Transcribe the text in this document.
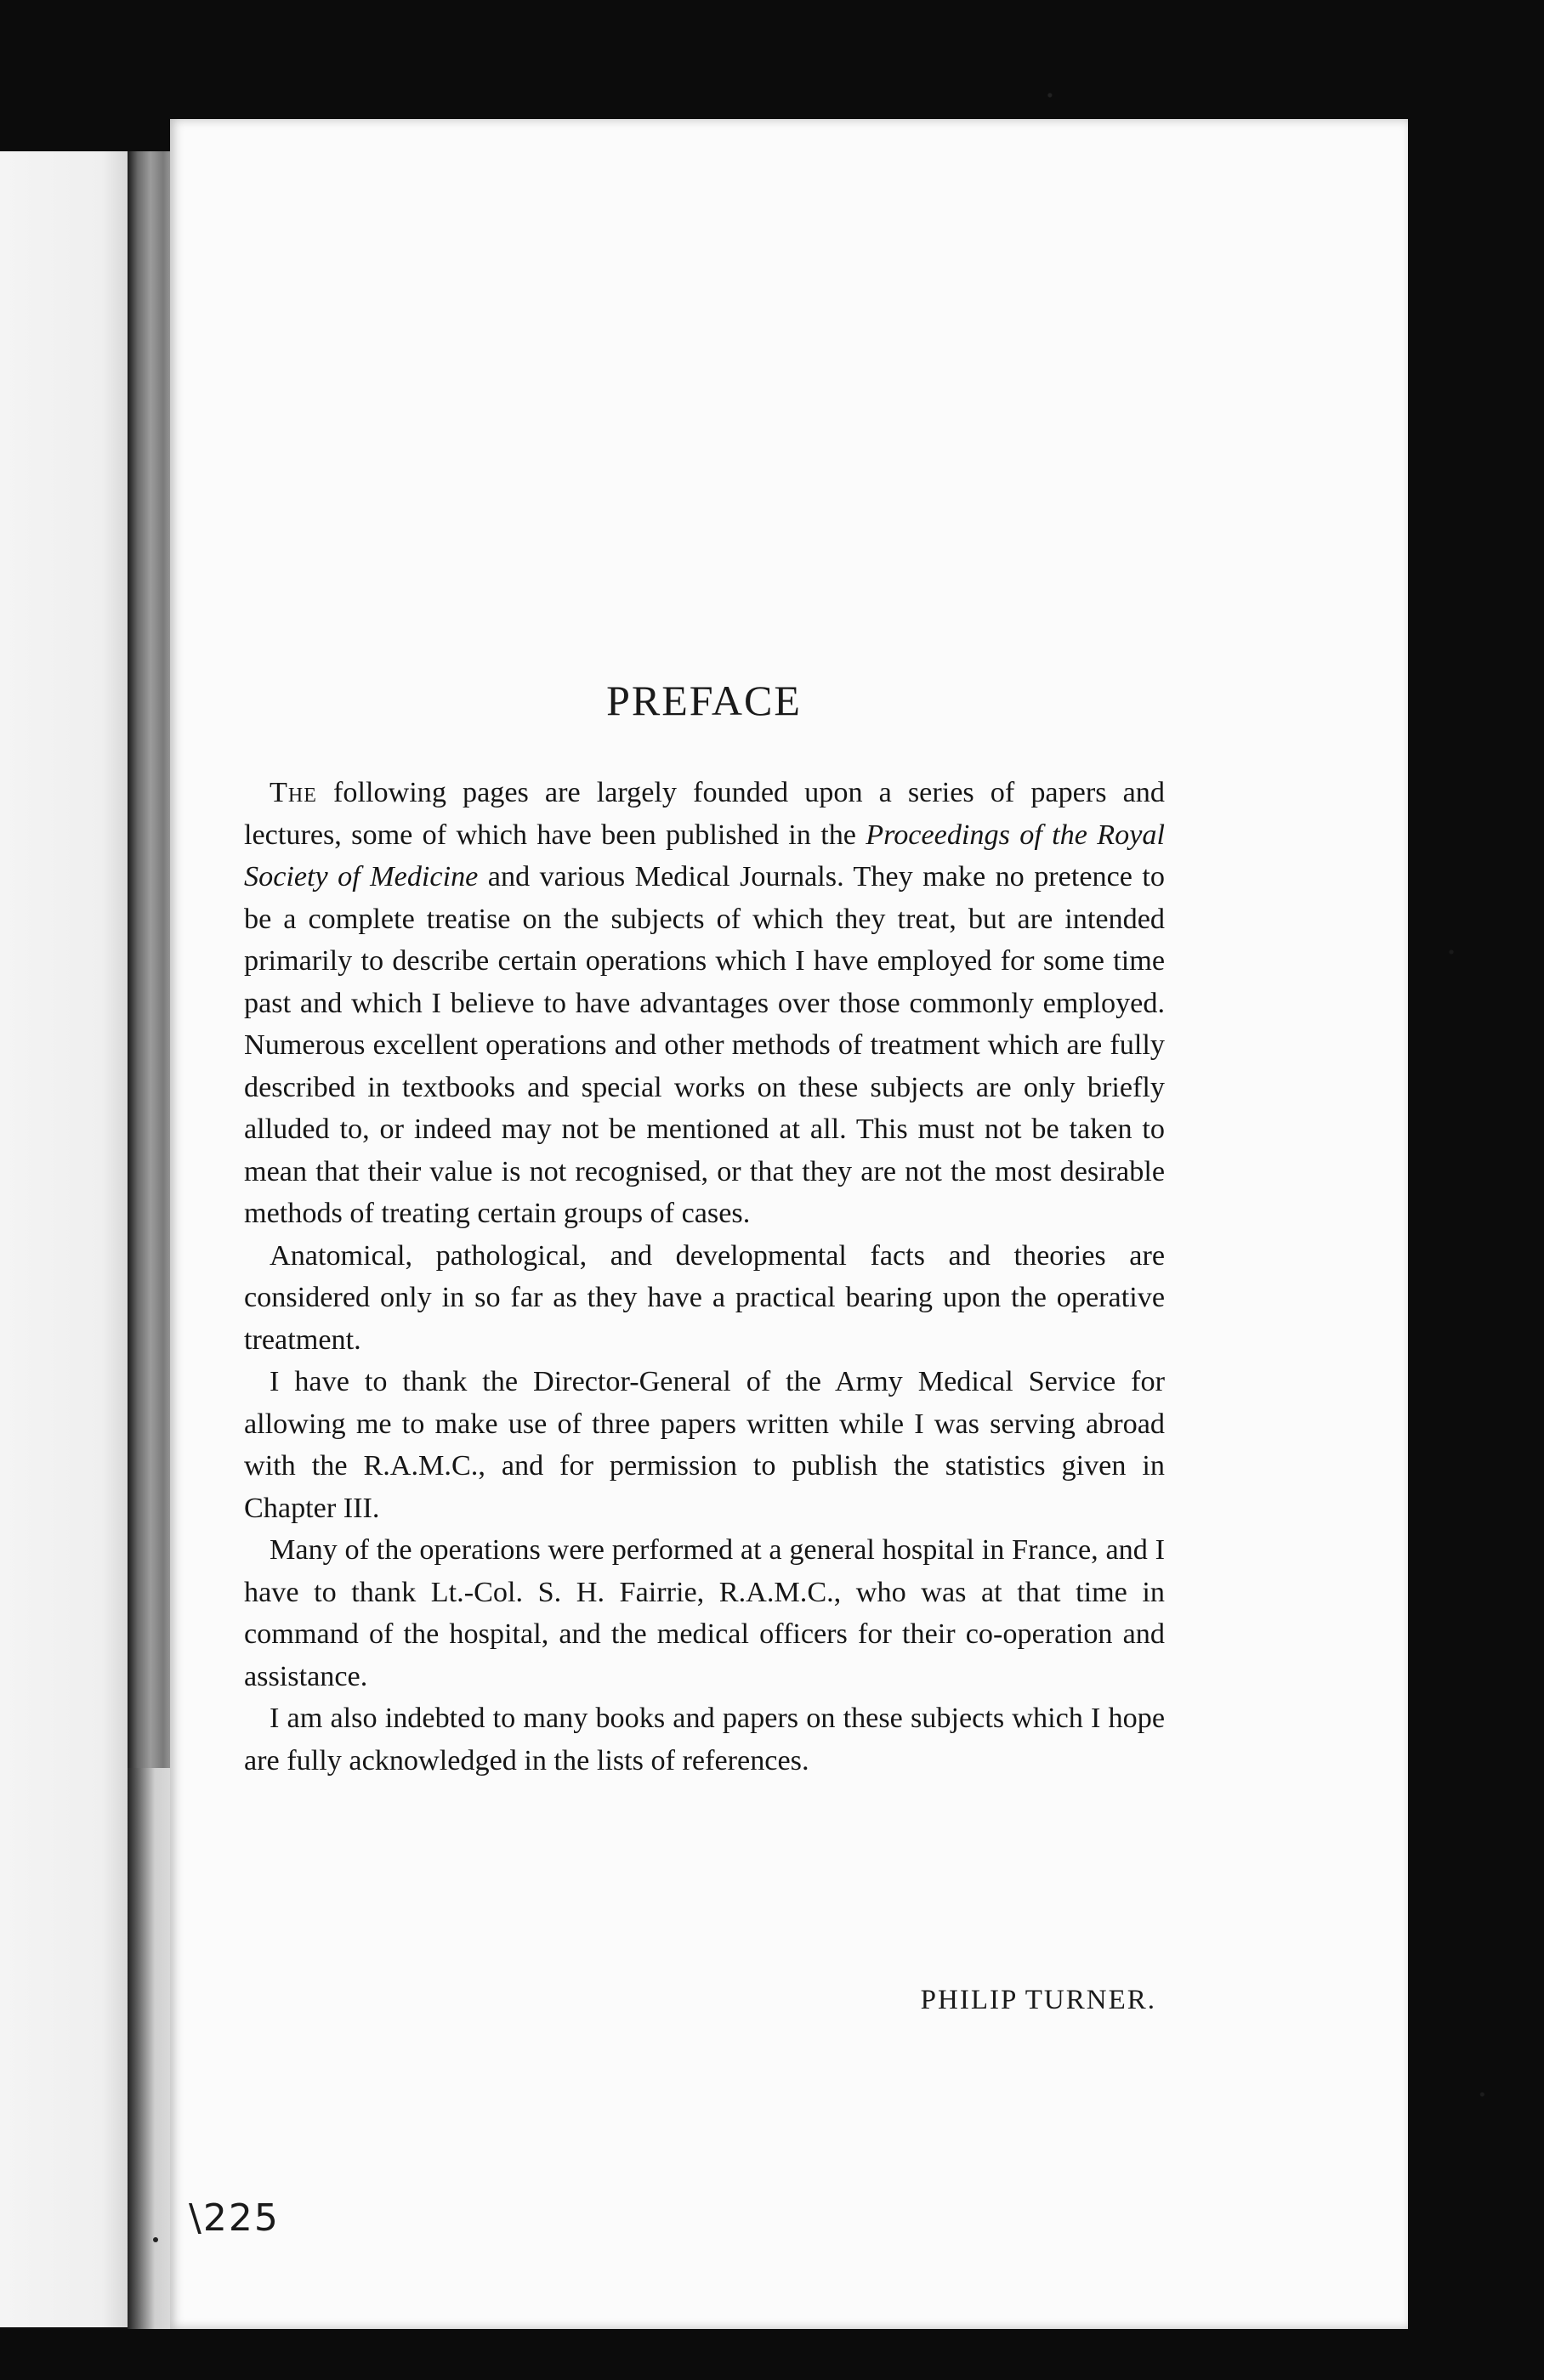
PREFACE

The following pages are largely founded upon a series of papers and lectures, some of which have been published in the Proceedings of the Royal Society of Medicine and various Medical Journals. They make no pretence to be a complete treatise on the subjects of which they treat, but are intended primarily to describe certain operations which I have employed for some time past and which I believe to have advantages over those commonly employed. Numerous excellent operations and other methods of treatment which are fully described in textbooks and special works on these subjects are only briefly alluded to, or indeed may not be mentioned at all. This must not be taken to mean that their value is not recognised, or that they are not the most desirable methods of treating certain groups of cases.

Anatomical, pathological, and developmental facts and theories are considered only in so far as they have a practical bearing upon the operative treatment.

I have to thank the Director-General of the Army Medical Service for allowing me to make use of three papers written while I was serving abroad with the R.A.M.C., and for permission to publish the statistics given in Chapter III.

Many of the operations were performed at a general hospital in France, and I have to thank Lt.-Col. S. H. Fairrie, R.A.M.C., who was at that time in command of the hospital, and the medical officers for their co-operation and assistance.

I am also indebted to many books and papers on these subjects which I hope are fully acknowledged in the lists of references.

PHILIP TURNER.
\225
